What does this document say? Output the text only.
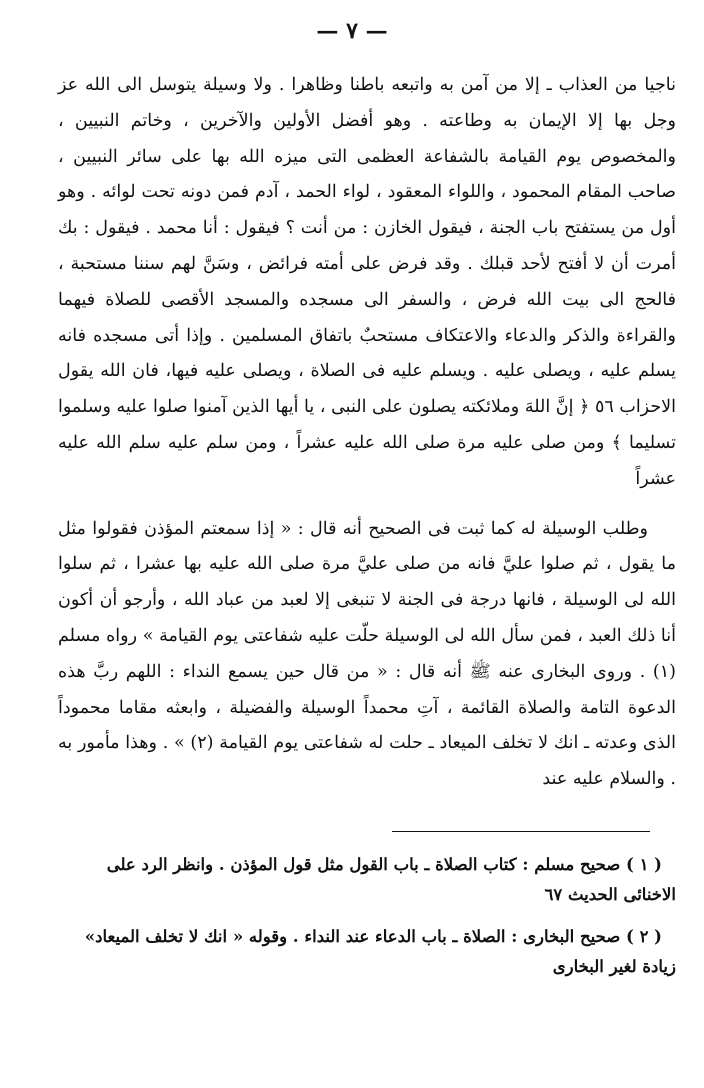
— ٧ —

ناجيا من العذاب ـ إلا من آمن به واتبعه باطنا وظاهرا . ولا وسيلة يتوسل الى الله عز وجل بها إلا الإيمان به وطاعته . وهو أفضل الأولين والآخرين ، وخاتم النبيين ، والمخصوص يوم القيامة بالشفاعة العظمى التى ميزه الله بها على سائر النبيين ، صاحب المقام المحمود ، واللواء المعقود ، لواء الحمد ، آدم فمن دونه تحت لوائه . وهو أول من يستفتح باب الجنة ، فيقول الخازن : من أنت ؟ فيقول : أنا محمد . فيقول : بك أمرت أن لا أفتح لأحد قبلك . وقد فرض على أمته فرائض ، وسَنَّ لهم سننا مستحبة ، فالحج الى بيت الله فرض ، والسفر الى مسجده والمسجد الأقصى للصلاة فيهما والقراءة والذكر والدعاء والاعتكاف مستحبٌ باتفاق المسلمين . وإذا أتى مسجده فانه يسلم عليه ، ويصلى عليه . ويسلم عليه فى الصلاة ، ويصلى عليه فيها، فان الله يقول الاحزاب ٥٦ ﴿ إنَّ اللهَ وملائكته يصلون على النبى ، يا أيها الذين آمنوا صلوا عليه وسلموا تسليما ﴾ ومن صلى عليه مرة صلى الله عليه عشراً ، ومن سلم عليه سلم الله عليه عشراً

وطلب الوسيلة له كما ثبت فى الصحيح أنه قال : « إذا سمعتم المؤذن فقولوا مثل ما يقول ، ثم صلوا عليَّ فانه من صلى عليَّ مرة صلى الله عليه بها عشرا ، ثم سلوا الله لى الوسيلة ، فانها درجة فى الجنة لا تنبغى إلا لعبد من عباد الله ، وأرجو أن أكون أنا ذلك العبد ، فمن سأل الله لى الوسيلة حلّت عليه شفاعتى يوم القيامة » رواه مسلم (١) . وروى البخارى عنه ﷺ أنه قال : « من قال حين يسمع النداء : اللهم ربَّ هذه الدعوة التامة والصلاة القائمة ، آتِ محمداً الوسيلة والفضيلة ، وابعثه مقاما محموداً الذى وعدته ـ انك لا تخلف الميعاد ـ حلت له شفاعتى يوم القيامة (٢) » . وهذا مأمور به . والسلام عليه عند

( ١ ) صحيح مسلم : كتاب الصلاة ـ باب القول مثل قول المؤذن . وانظر الرد على الاخنائى الحديث ٦٧

( ٢ ) صحيح البخارى : الصلاة ـ باب الدعاء عند النداء . وقوله « انك لا تخلف الميعاد» زيادة لغير البخارى
